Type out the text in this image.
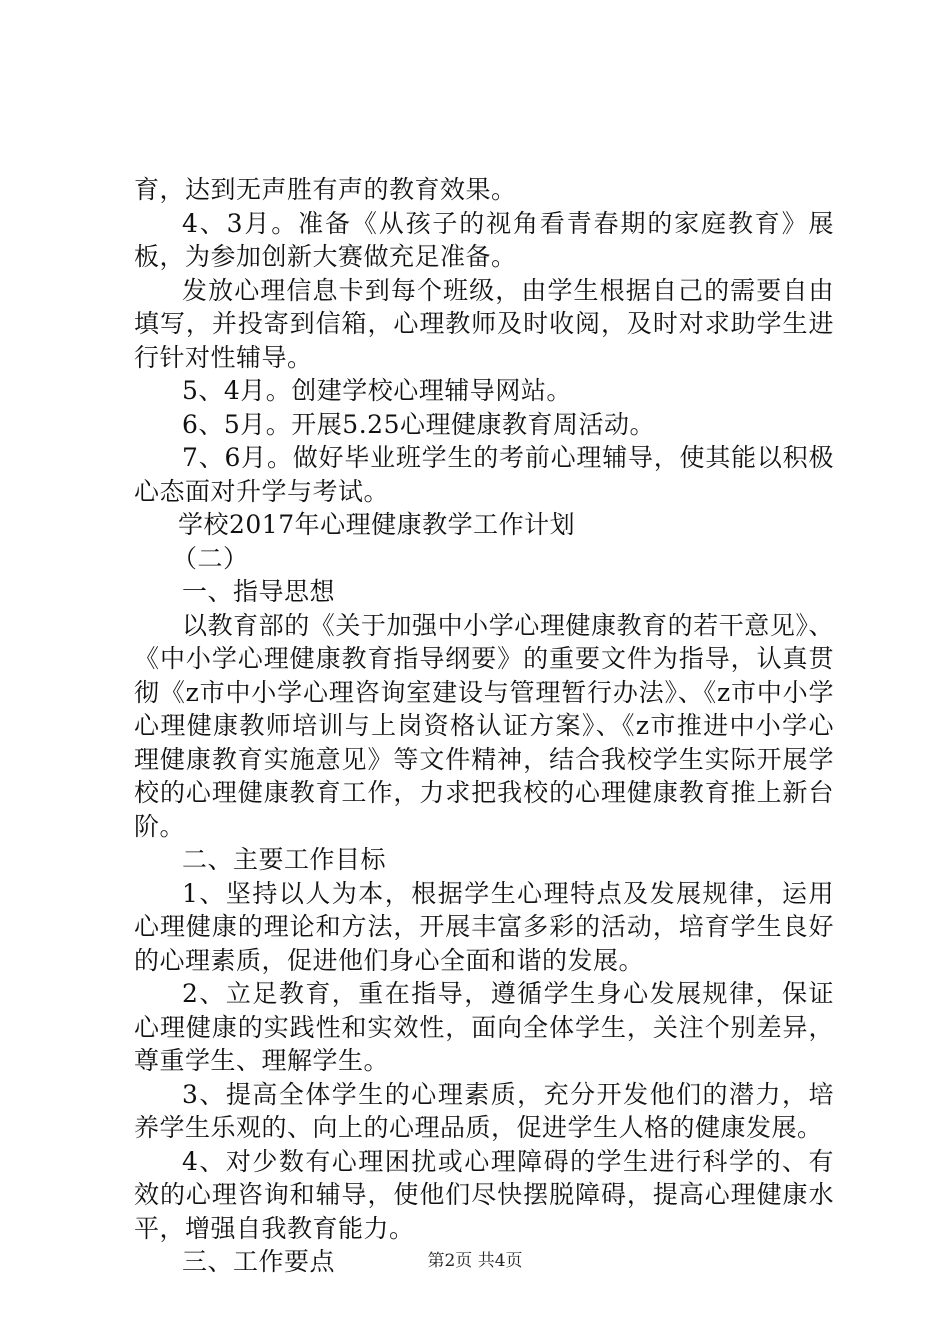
育，达到无声胜有声的教育效果。

4、3月。准备《从孩子的视角看青春期的家庭教育》展板，为参加创新大赛做充足准备。

发放心理信息卡到每个班级，由学生根据自己的需要自由填写，并投寄到信箱，心理教师及时收阅，及时对求助学生进行针对性辅导。

5、4月。创建学校心理辅导网站。

6、5月。开展5.25心理健康教育周活动。

7、6月。做好毕业班学生的考前心理辅导，使其能以积极心态面对升学与考试。

学校2017年心理健康教学工作计划

（二）

一、指导思想

以教育部的《关于加强中小学心理健康教育的若干意见》、《中小学心理健康教育指导纲要》的重要文件为指导，认真贯彻《z市中小学心理咨询室建设与管理暂行办法》、《z市中小学心理健康教师培训与上岗资格认证方案》、《z市推进中小学心理健康教育实施意见》等文件精神，结合我校学生实际开展学校的心理健康教育工作，力求把我校的心理健康教育推上新台阶。

二、主要工作目标

1、坚持以人为本，根据学生心理特点及发展规律，运用心理健康的理论和方法，开展丰富多彩的活动，培育学生良好的心理素质，促进他们身心全面和谐的发展。

2、立足教育，重在指导，遵循学生身心发展规律，保证心理健康的实践性和实效性，面向全体学生，关注个别差异，尊重学生、理解学生。

3、提高全体学生的心理素质，充分开发他们的潜力，培养学生乐观的、向上的心理品质，促进学生人格的健康发展。

4、对少数有心理困扰或心理障碍的学生进行科学的、有效的心理咨询和辅导，使他们尽快摆脱障碍，提高心理健康水平，增强自我教育能力。

三、工作要点	第2页 共4页
